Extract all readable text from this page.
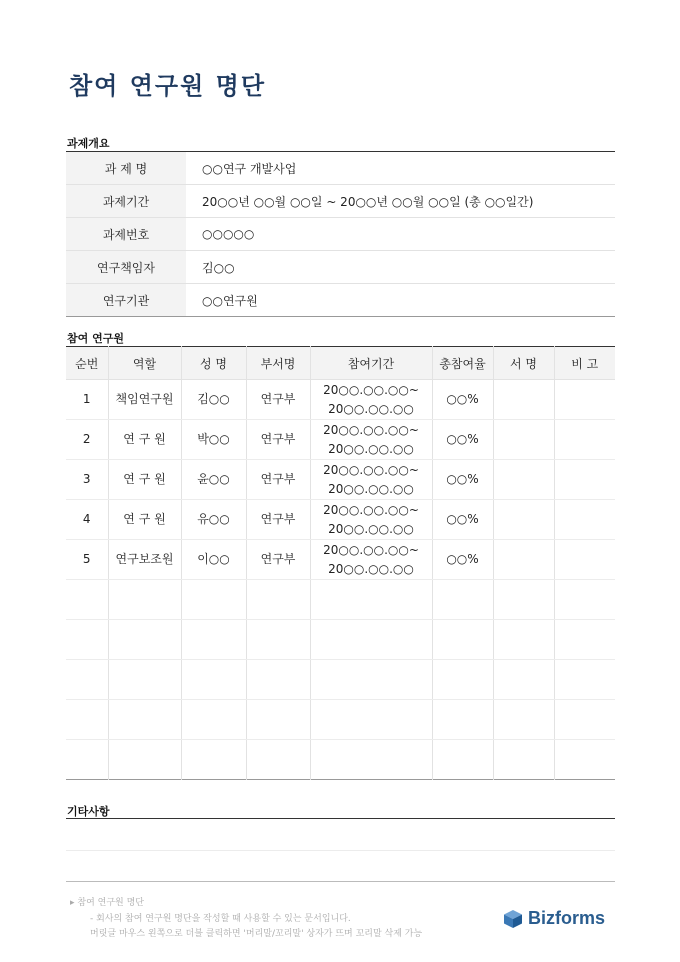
참여 연구원 명단
과제개요
과 제 명	○○연구 개발사업
과제기간	20○○년 ○○월 ○○일 ~ 20○○년 ○○월 ○○일 (총 ○○일간)
과제번호	○○○○○
연구책임자	김○○
연구기관	○○연구원
참여 연구원
순번	역할	성 명	부서명	참여기간	총참여율	서 명	비 고
1	책임연구원	김○○	연구부	20○○.○○.○○~
20○○.○○.○○	○○%		
2	연 구 원	박○○	연구부	20○○.○○.○○~
20○○.○○.○○	○○%		
3	연 구 원	윤○○	연구부	20○○.○○.○○~
20○○.○○.○○	○○%		
4	연 구 원	유○○	연구부	20○○.○○.○○~
20○○.○○.○○	○○%		
5	연구보조원	이○○	연구부	20○○.○○.○○~
20○○.○○.○○	○○%		

기타사항
▸ 참여 연구원 명단
- 회사의 참여 연구원 명단을 작성할 때 사용할 수 있는 문서입니다.
머릿글 마우스 왼쪽으로 더블 클릭하면 '머리말/꼬리말' 상자가 뜨며 꼬리말 삭제 가능
Bizforms
